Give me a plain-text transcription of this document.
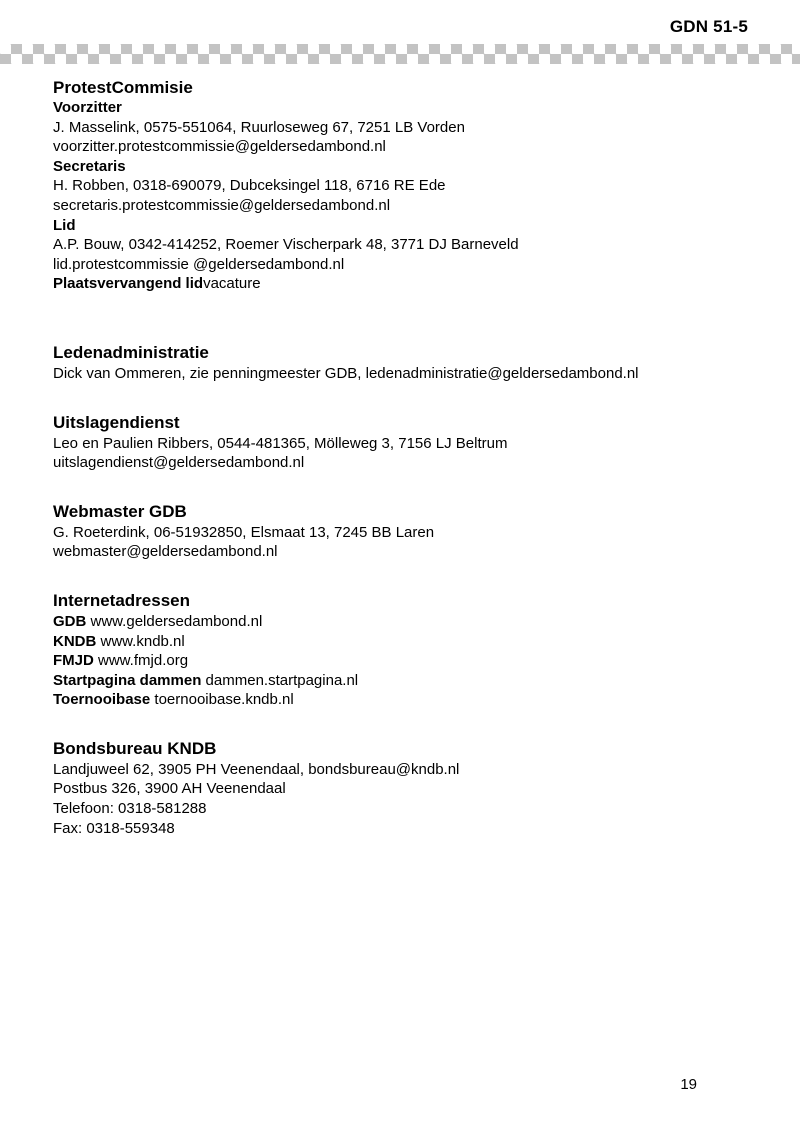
GDN 51-5
ProtestCommisie
Voorzitter
J. Masselink, 0575-551064, Ruurloseweg 67, 7251 LB Vorden
voorzitter.protestcommissie@geldersedambond.nl
Secretaris
H. Robben, 0318-690079, Dubceksingel 118, 6716 RE Ede
secretaris.protestcommissie@geldersedambond.nl
Lid
A.P. Bouw, 0342-414252, Roemer Vischerpark 48, 3771 DJ Barneveld
lid.protestcommissie @geldersedambond.nl
Plaatsvervangend lidvacature
Ledenadministratie
Dick van Ommeren, zie penningmeester GDB, ledenadministratie@geldersedambond.nl
Uitslagendienst
Leo en Paulien Ribbers, 0544-481365, Mölleweg 3, 7156 LJ Beltrum
uitslagendienst@geldersedambond.nl
Webmaster GDB
G. Roeterdink, 06-51932850, Elsmaat 13, 7245 BB Laren
webmaster@geldersedambond.nl
Internetadressen
GDB www.geldersedambond.nl
KNDB www.kndb.nl
FMJD www.fmjd.org
Startpagina dammen dammen.startpagina.nl
Toernooibase toernooibase.kndb.nl
Bondsbureau KNDB
Landjuweel 62, 3905 PH Veenendaal, bondsbureau@kndb.nl
Postbus 326, 3900 AH Veenendaal
Telefoon: 0318-581288
Fax: 0318-559348
19
